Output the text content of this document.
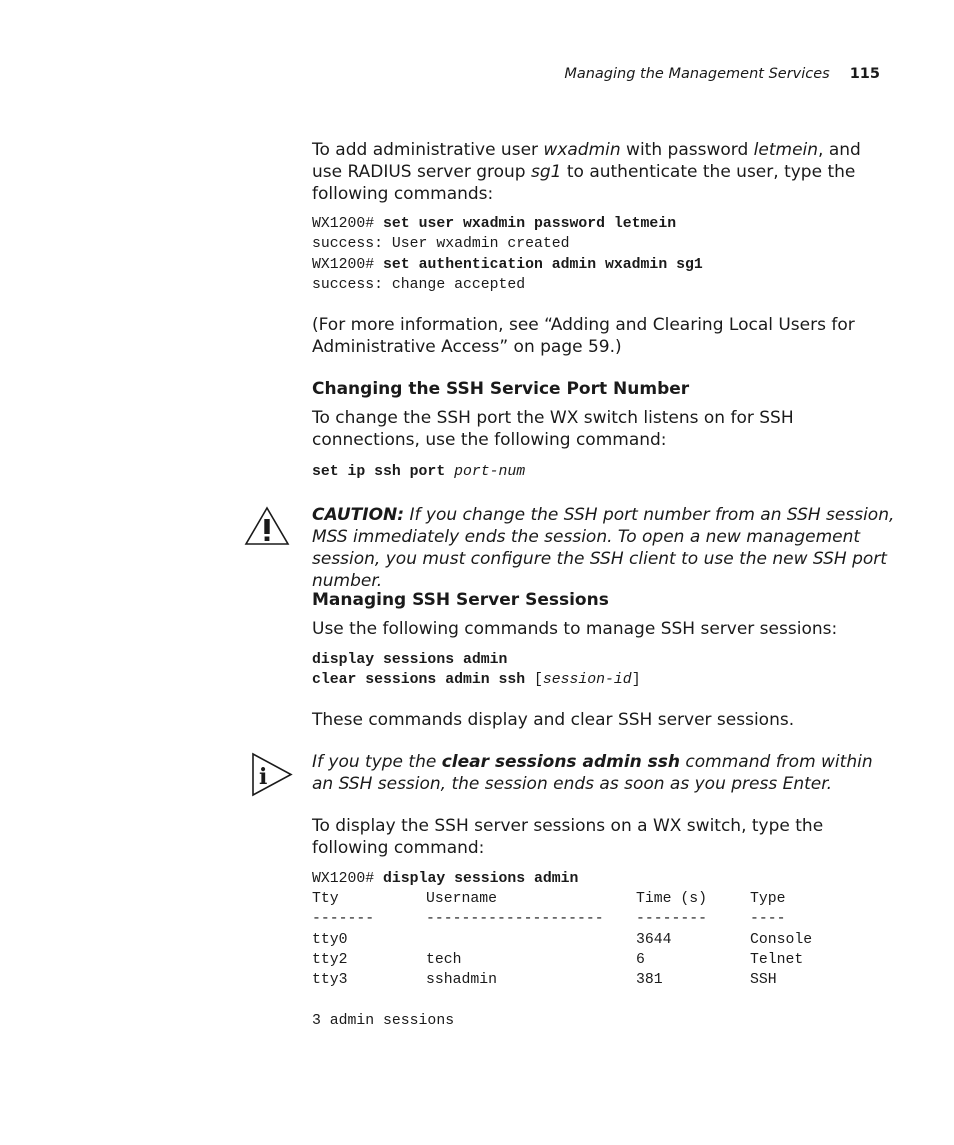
Managing the Management Services 115

To add administrative user wxadmin with password letmein, and use RADIUS server group sg1 to authenticate the user, type the following commands:

WX1200# set user wxadmin password letmein
success: User wxadmin created
WX1200# set authentication admin wxadmin sg1
success: change accepted

(For more information, see “Adding and Clearing Local Users for Administrative Access” on page 59.)

Changing the SSH Service Port Number

To change the SSH port the WX switch listens on for SSH connections, use the following command:

set ip ssh port port-num

CAUTION: If you change the SSH port number from an SSH session, MSS immediately ends the session. To open a new management session, you must configure the SSH client to use the new SSH port number.

Managing SSH Server Sessions

Use the following commands to manage SSH server sessions:

display sessions admin
clear sessions admin ssh [session-id]

These commands display and clear SSH server sessions.

i

If you type the clear sessions admin ssh command from within an SSH session, the session ends as soon as you press Enter.

To display the SSH server sessions on a WX switch, type the following command:

WX1200# display sessions admin
Tty	Username	Time (s)	Type
-------	--------------------	--------	----
tty0		3644	Console
tty2	tech	6	Telnet
tty3	sshadmin	381	SSH
3 admin sessions
